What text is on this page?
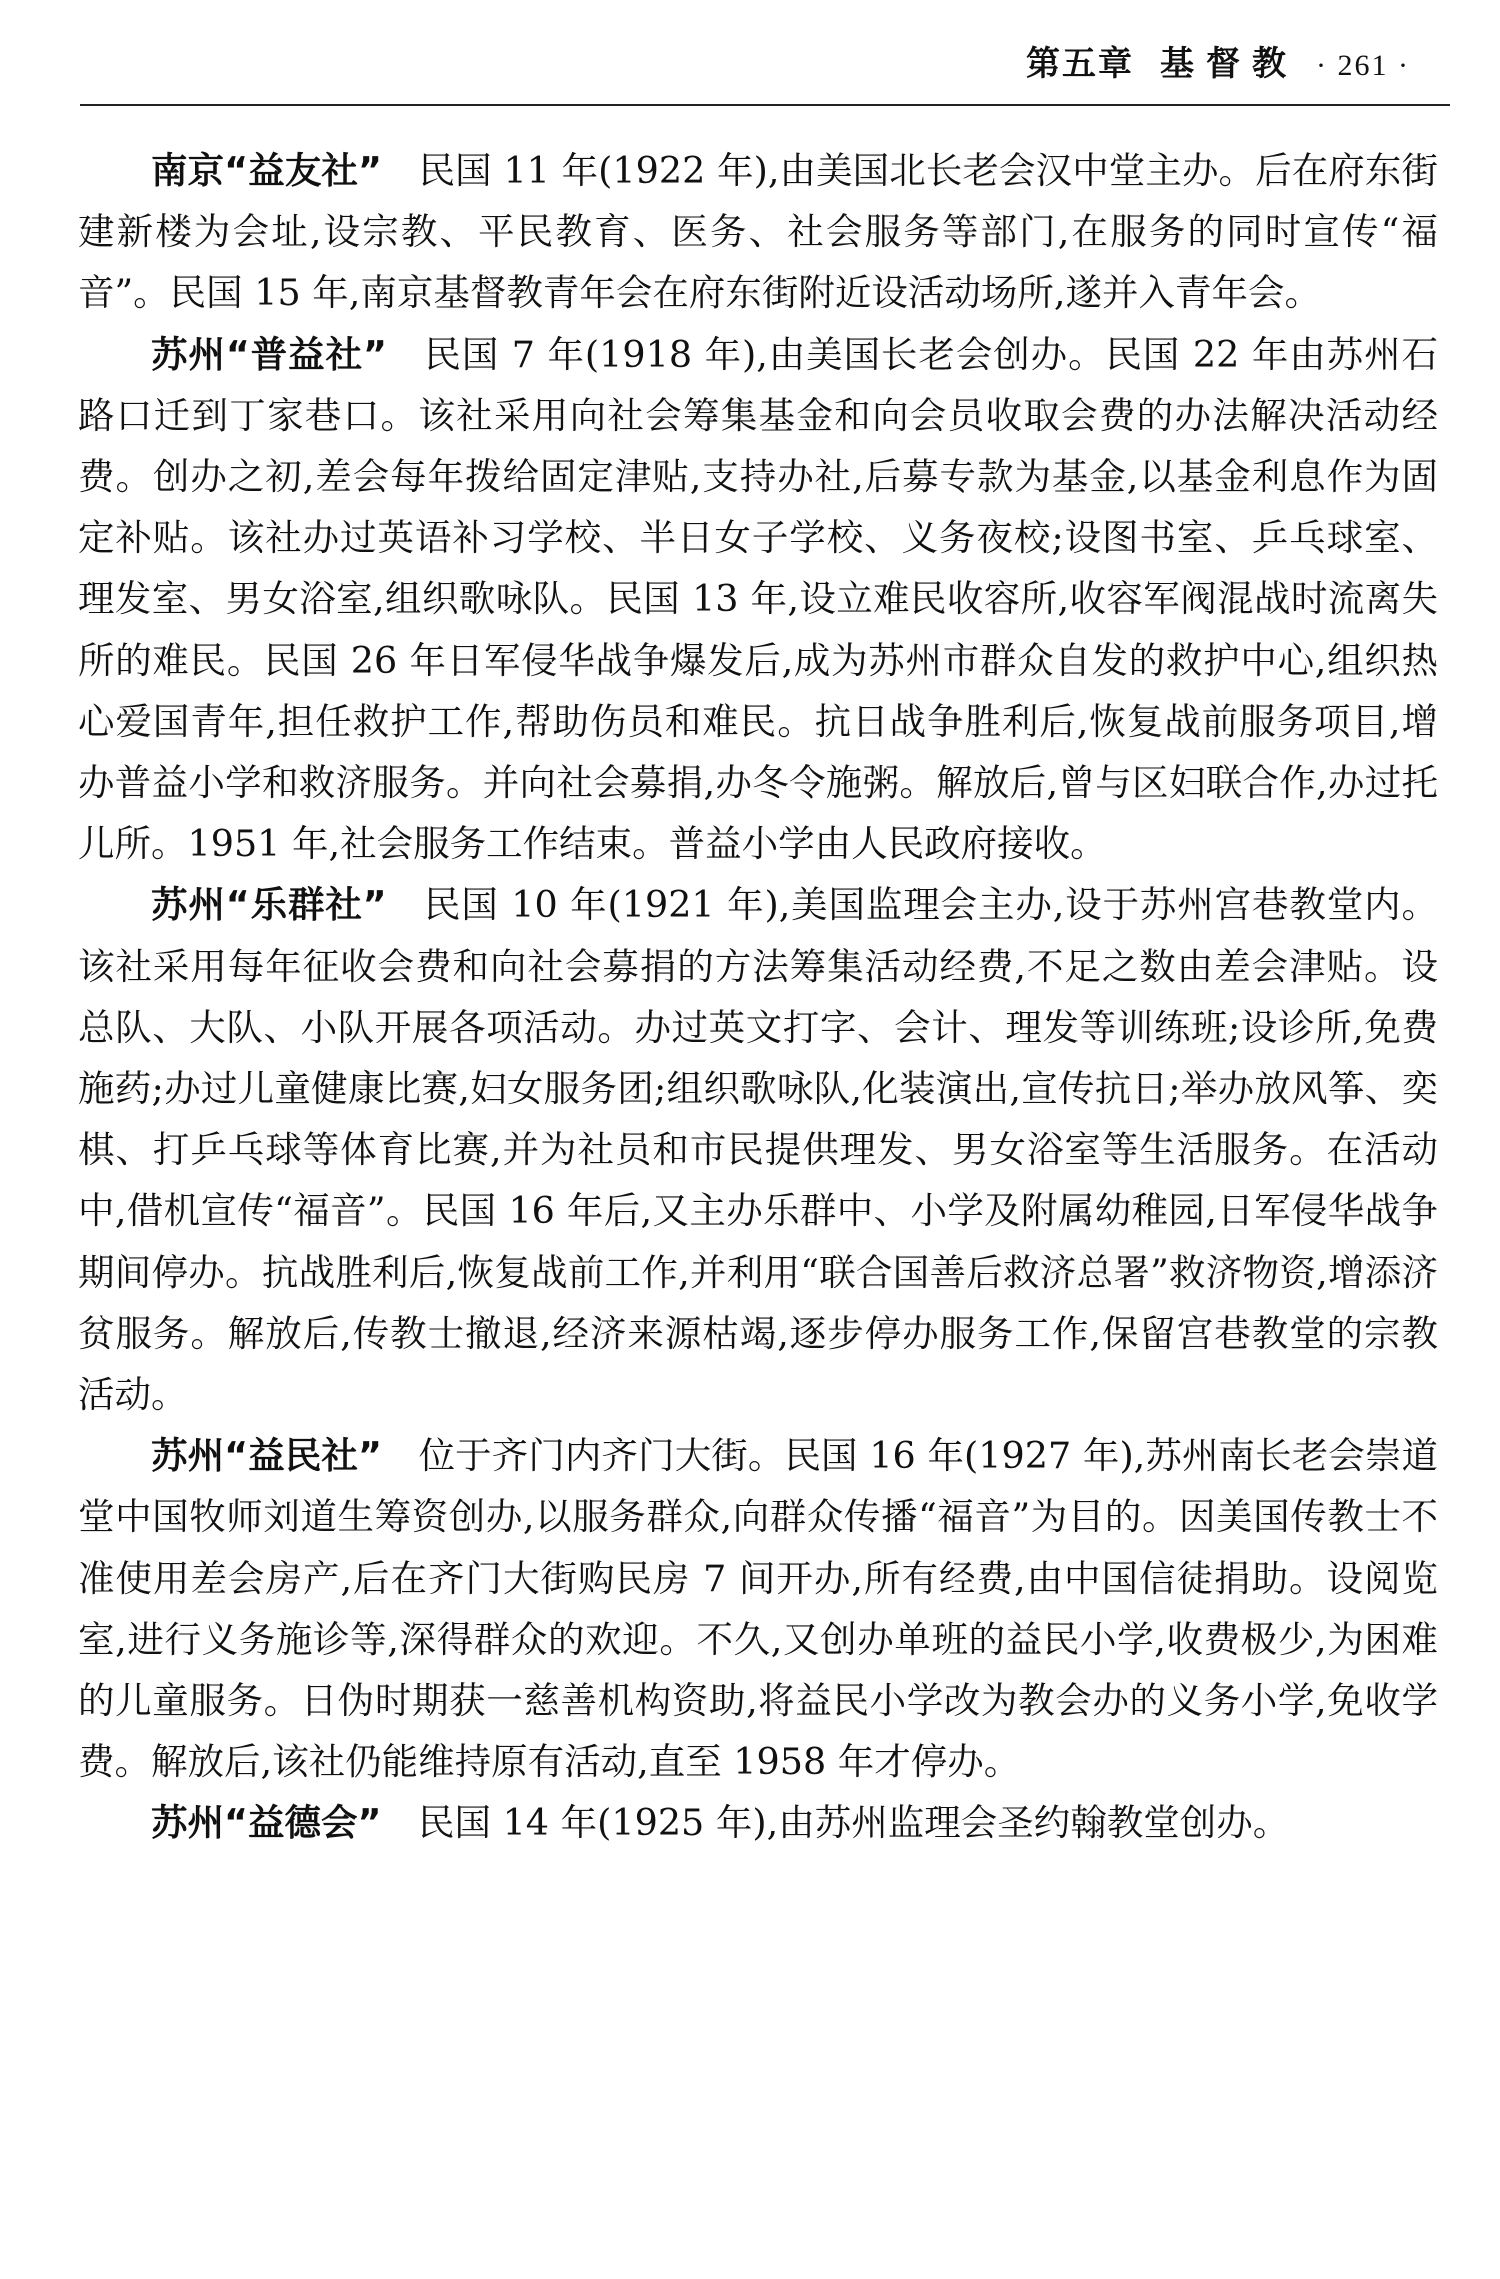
第五章 基督教 · 261 ·

南京“益友社” 民国 11 年(1922 年),由美国北长老会汉中堂主办。后在府东街建新楼为会址,设宗教、平民教育、医务、社会服务等部门,在服务的同时宣传“福音”。民国 15 年,南京基督教青年会在府东街附近设活动场所,遂并入青年会。

苏州“普益社” 民国 7 年(1918 年),由美国长老会创办。民国 22 年由苏州石路口迁到丁家巷口。该社采用向社会筹集基金和向会员收取会费的办法解决活动经费。创办之初,差会每年拨给固定津贴,支持办社,后募专款为基金,以基金利息作为固定补贴。该社办过英语补习学校、半日女子学校、义务夜校;设图书室、乒乓球室、理发室、男女浴室,组织歌咏队。民国 13 年,设立难民收容所,收容军阀混战时流离失所的难民。民国 26 年日军侵华战争爆发后,成为苏州市群众自发的救护中心,组织热心爱国青年,担任救护工作,帮助伤员和难民。抗日战争胜利后,恢复战前服务项目,增办普益小学和救济服务。并向社会募捐,办冬令施粥。解放后,曾与区妇联合作,办过托儿所。1951 年,社会服务工作结束。普益小学由人民政府接收。

苏州“乐群社” 民国 10 年(1921 年),美国监理会主办,设于苏州宫巷教堂内。该社采用每年征收会费和向社会募捐的方法筹集活动经费,不足之数由差会津贴。设总队、大队、小队开展各项活动。办过英文打字、会计、理发等训练班;设诊所,免费施药;办过儿童健康比赛,妇女服务团;组织歌咏队,化装演出,宣传抗日;举办放风筝、奕棋、打乒乓球等体育比赛,并为社员和市民提供理发、男女浴室等生活服务。在活动中,借机宣传“福音”。民国 16 年后,又主办乐群中、小学及附属幼稚园,日军侵华战争期间停办。抗战胜利后,恢复战前工作,并利用“联合国善后救济总署”救济物资,增添济贫服务。解放后,传教士撤退,经济来源枯竭,逐步停办服务工作,保留宫巷教堂的宗教活动。

苏州“益民社” 位于齐门内齐门大街。民国 16 年(1927 年),苏州南长老会崇道堂中国牧师刘道生筹资创办,以服务群众,向群众传播“福音”为目的。因美国传教士不准使用差会房产,后在齐门大街购民房 7 间开办,所有经费,由中国信徒捐助。设阅览室,进行义务施诊等,深得群众的欢迎。不久,又创办单班的益民小学,收费极少,为困难的儿童服务。日伪时期获一慈善机构资助,将益民小学改为教会办的义务小学,免收学费。解放后,该社仍能维持原有活动,直至 1958 年才停办。

苏州“益德会” 民国 14 年(1925 年),由苏州监理会圣约翰教堂创办。
